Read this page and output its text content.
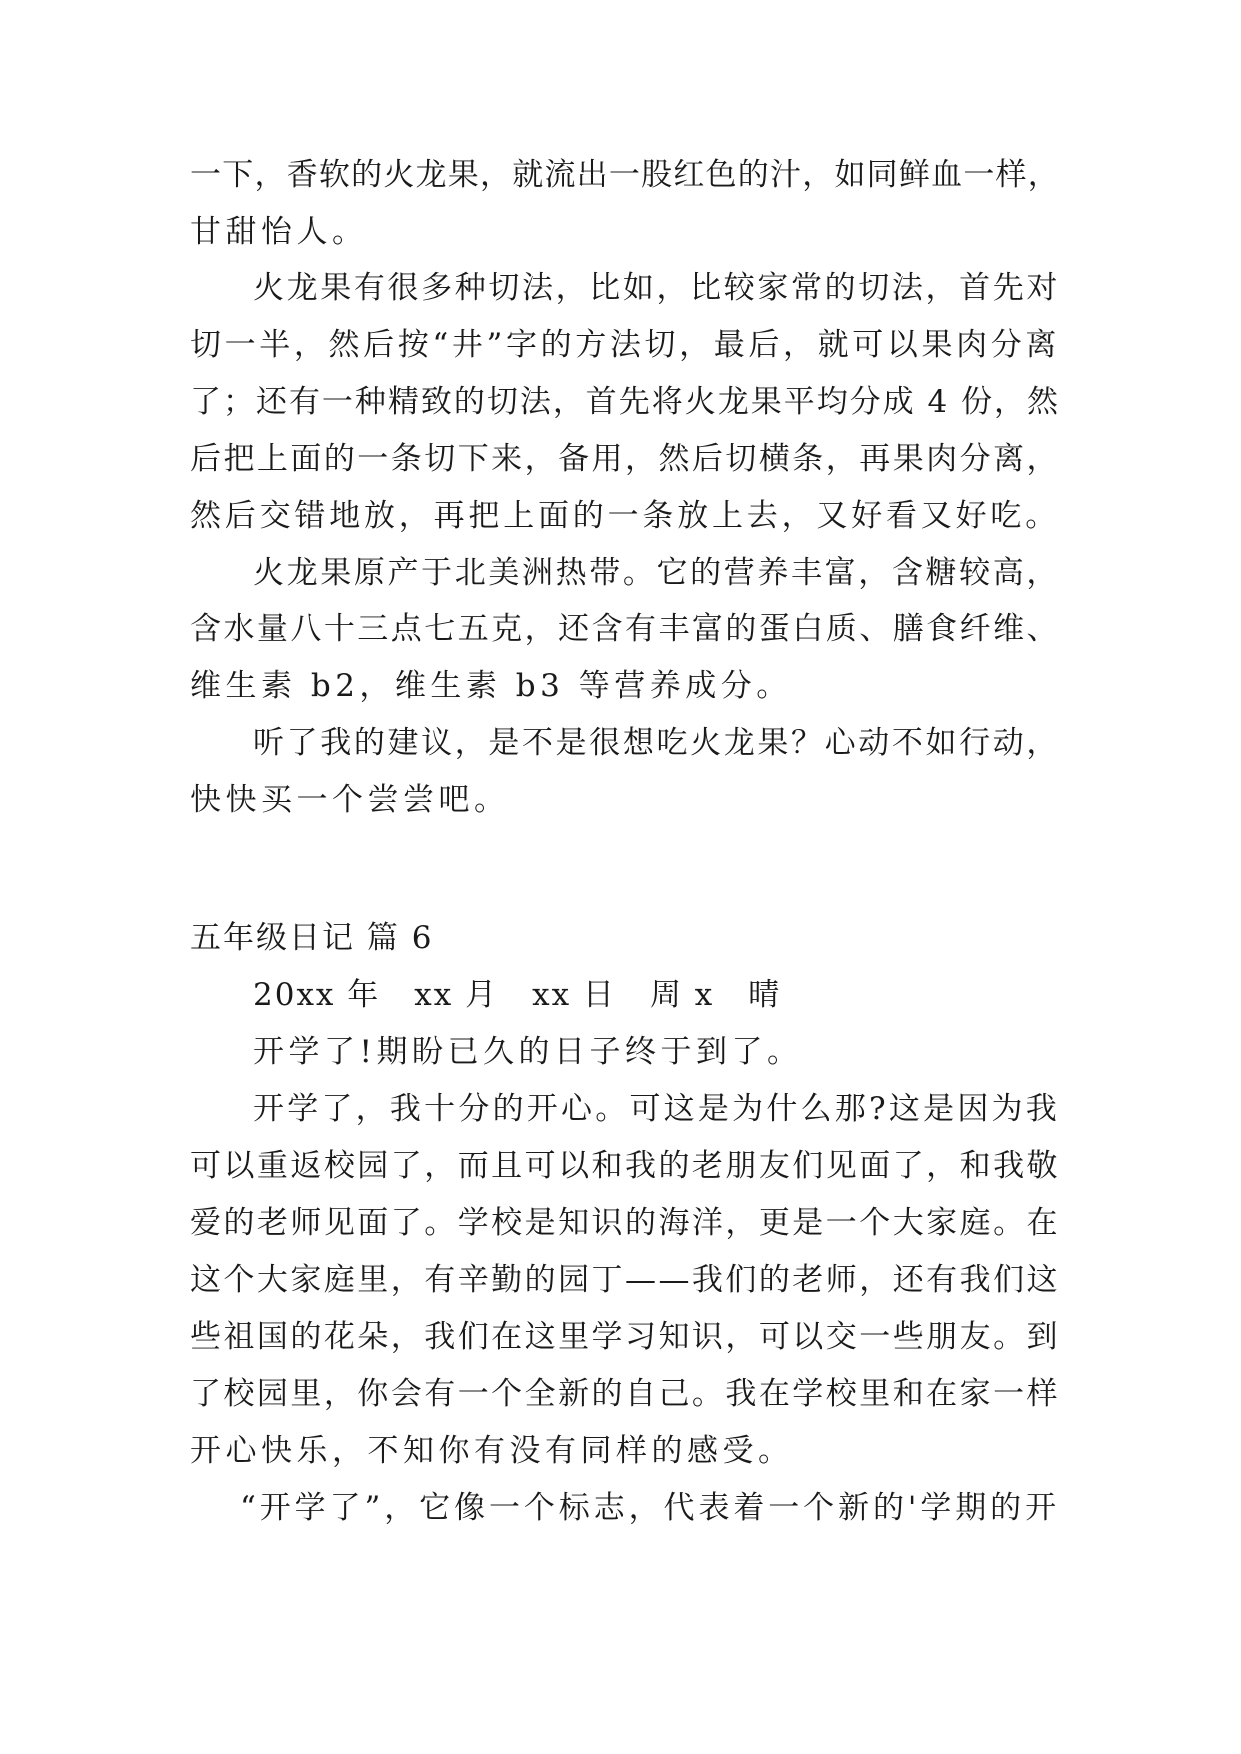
一下，香软的火龙果，就流出一股红色的汁，如同鲜血一样，
甘甜怡人。
火龙果有很多种切法，比如，比较家常的切法，首先对
切一半，然后按“井”字的方法切，最后，就可以果肉分离
了；还有一种精致的切法，首先将火龙果平均分成 4 份，然
后把上面的一条切下来，备用，然后切横条，再果肉分离，
然后交错地放，再把上面的一条放上去，又好看又好吃。
火龙果原产于北美洲热带。它的营养丰富，含糖较高，
含水量八十三点七五克，还含有丰富的蛋白质、膳食纤维、
维生素 b2，维生素 b3 等营养成分。
听了我的建议，是不是很想吃火龙果？心动不如行动，
快快买一个尝尝吧。
五年级日记 篇 6
20xx 年 xx 月 xx 日 周 x 晴
开学了!期盼已久的日子终于到了。
开学了，我十分的开心。可这是为什么那?这是因为我
可以重返校园了，而且可以和我的老朋友们见面了，和我敬
爱的老师见面了。学校是知识的海洋，更是一个大家庭。在
这个大家庭里，有辛勤的园丁——我们的老师，还有我们这
些祖国的花朵，我们在这里学习知识，可以交一些朋友。到
了校园里，你会有一个全新的自己。我在学校里和在家一样
开心快乐，不知你有没有同样的感受。
“开学了”，它像一个标志，代表着一个新的'学期的开
